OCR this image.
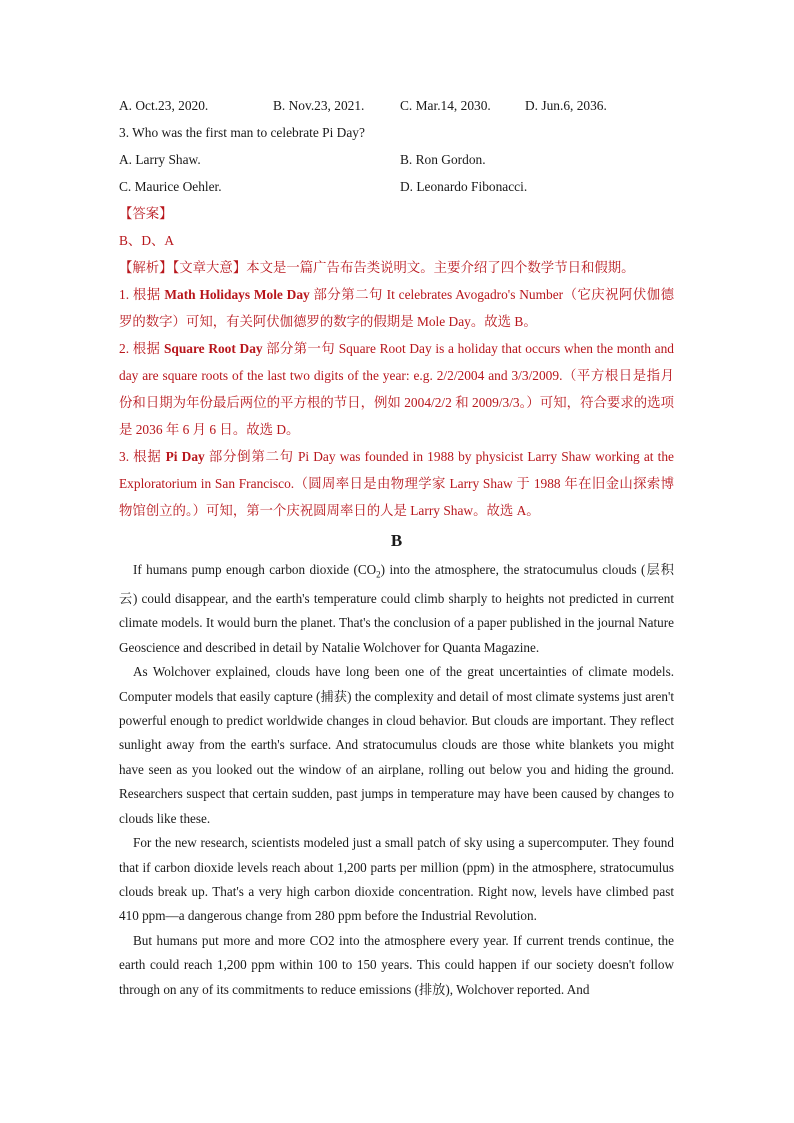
A. Oct.23, 2020.	B. Nov.23, 2021.	C. Mar.14, 2030.	D. Jun.6, 2036.
3. Who was the first man to celebrate Pi Day?
A. Larry Shaw.	B. Ron Gordon.
C. Maurice Oehler.	D. Leonardo Fibonacci.
【答案】
B、D、A

【解析】【文章大意】本文是一篇广告布告类说明文。主要介绍了四个数学节日和假期。

1. 根据 Math Holidays Mole Day 部分第二句 It celebrates Avogadro's Number（它庆祝阿伏伽德罗的数字）可知，有关阿伏伽德罗的数字的假期是 Mole Day。故选 B。

2. 根据 Square Root Day 部分第一句 Square Root Day is a holiday that occurs when the month and day are square roots of the last two digits of the year: e.g. 2/2/2004 and 3/3/2009.（平方根日是指月份和日期为年份最后两位的平方根的节日，例如 2004/2/2 和 2009/3/3。）可知，符合要求的选项是 2036 年 6 月 6 日。故选 D。

3. 根据 Pi Day 部分倒第二句 Pi Day was founded in 1988 by physicist Larry Shaw working at the Exploratorium in San Francisco.（圆周率日是由物理学家 Larry Shaw 于 1988 年在旧金山探索博物馆创立的。）可知，第一个庆祝圆周率日的人是 Larry Shaw。故选 A。

B

If humans pump enough carbon dioxide $(CO_2)$ into the atmosphere, the stratocumulus clouds (层积云) could disappear, and the earth's temperature could climb sharply to heights not predicted in current climate models. It would burn the planet. That's the conclusion of a paper published in the journal Nature Geoscience and described in detail by Natalie Wolchover for Quanta Magazine.

As Wolchover explained, clouds have long been one of the great uncertainties of climate models. Computer models that easily capture (捕获) the complexity and detail of most climate systems just aren't powerful enough to predict worldwide changes in cloud behavior. But clouds are important. They reflect sunlight away from the earth's surface. And stratocumulus clouds are those white blankets you might have seen as you looked out the window of an airplane, rolling out below you and hiding the ground. Researchers suspect that certain sudden, past jumps in temperature may have been caused by changes to clouds like these.

For the new research, scientists modeled just a small patch of sky using a supercomputer. They found that if carbon dioxide levels reach about 1,200 parts per million (ppm) in the atmosphere, stratocumulus clouds break up. That's a very high carbon dioxide concentration. Right now, levels have climbed past 410 ppm—a dangerous change from 280 ppm before the Industrial Revolution.

But humans put more and more CO2 into the atmosphere every year. If current trends continue, the earth could reach 1,200 ppm within 100 to 150 years. This could happen if our society doesn't follow through on any of its commitments to reduce emissions (排放), Wolchover reported. And
